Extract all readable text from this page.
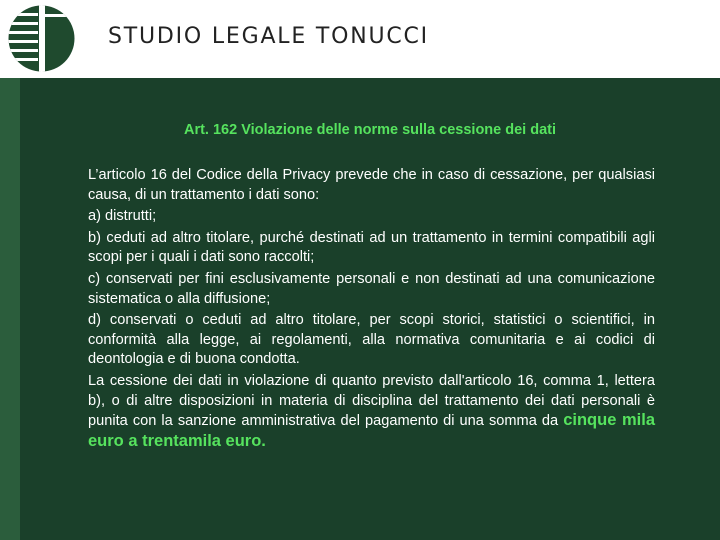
STUDIO LEGALE TONUCCI
Art. 162 Violazione delle norme sulla cessione dei dati

L’articolo 16 del Codice della Privacy prevede che in caso di cessazione, per qualsiasi causa, di un trattamento i dati sono:

a) distrutti;

b) ceduti ad altro titolare, purché destinati ad un trattamento in termini compatibili agli scopi per i quali i dati sono raccolti;

c) conservati per fini esclusivamente personali e non destinati ad una comunicazione sistematica o alla diffusione;

d) conservati o ceduti ad altro titolare, per scopi storici, statistici o scientifici, in conformità alla legge, ai regolamenti, alla normativa comunitaria e ai codici di deontologia e di buona condotta.

La cessione dei dati in violazione di quanto previsto dall'articolo 16, comma 1, lettera b), o di altre disposizioni in materia di disciplina del trattamento dei dati personali è punita con la sanzione amministrativa del pagamento di una somma da cinque mila euro a trentamila euro.
